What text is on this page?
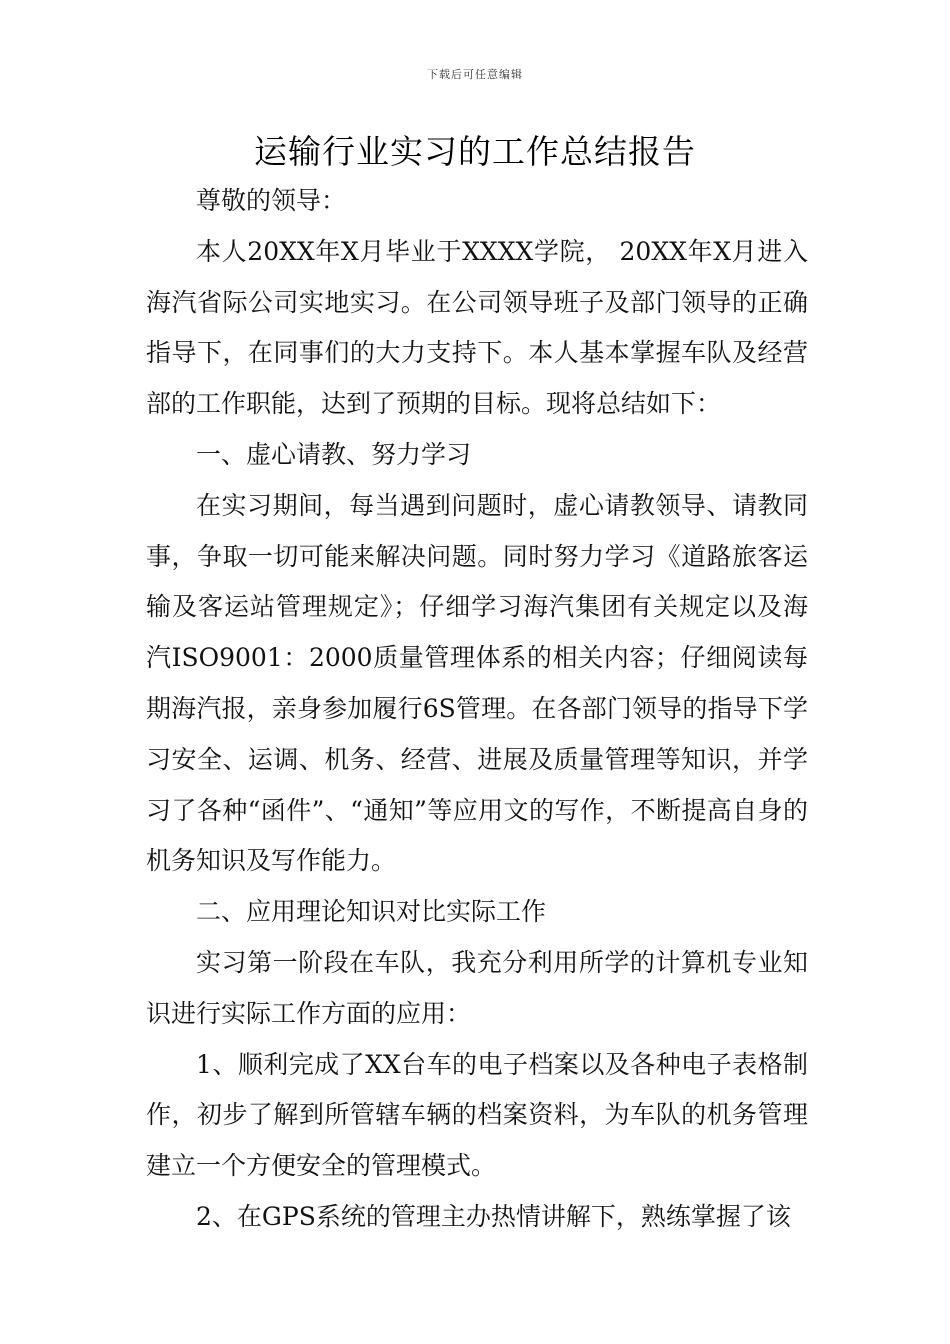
下载后可任意编辑
运输行业实习的工作总结报告

尊敬的领导：

本人20XX年X月毕业于XXXX学院， 20XX年X月进入海汽省际公司实地实习。在公司领导班子及部门领导的正确指导下，在同事们的大力支持下。本人基本掌握车队及经营部的工作职能，达到了预期的目标。现将总结如下：

一、虚心请教、努力学习

在实习期间，每当遇到问题时，虚心请教领导、请教同事，争取一切可能来解决问题。同时努力学习《道路旅客运输及客运站管理规定》；仔细学习海汽集团有关规定以及海汽ISO9001：2000质量管理体系的相关内容；仔细阅读每期海汽报，亲身参加履行6S管理。在各部门领导的指导下学习安全、运调、机务、经营、进展及质量管理等知识，并学习了各种“函件”、“通知”等应用文的写作，不断提高自身的机务知识及写作能力。

二、应用理论知识对比实际工作

实习第一阶段在车队，我充分利用所学的计算机专业知识进行实际工作方面的应用：

1、顺利完成了XX台车的电子档案以及各种电子表格制作，初步了解到所管辖车辆的档案资料，为车队的机务管理建立一个方便安全的管理模式。

2、在GPS系统的管理主办热情讲解下，熟练掌握了该
